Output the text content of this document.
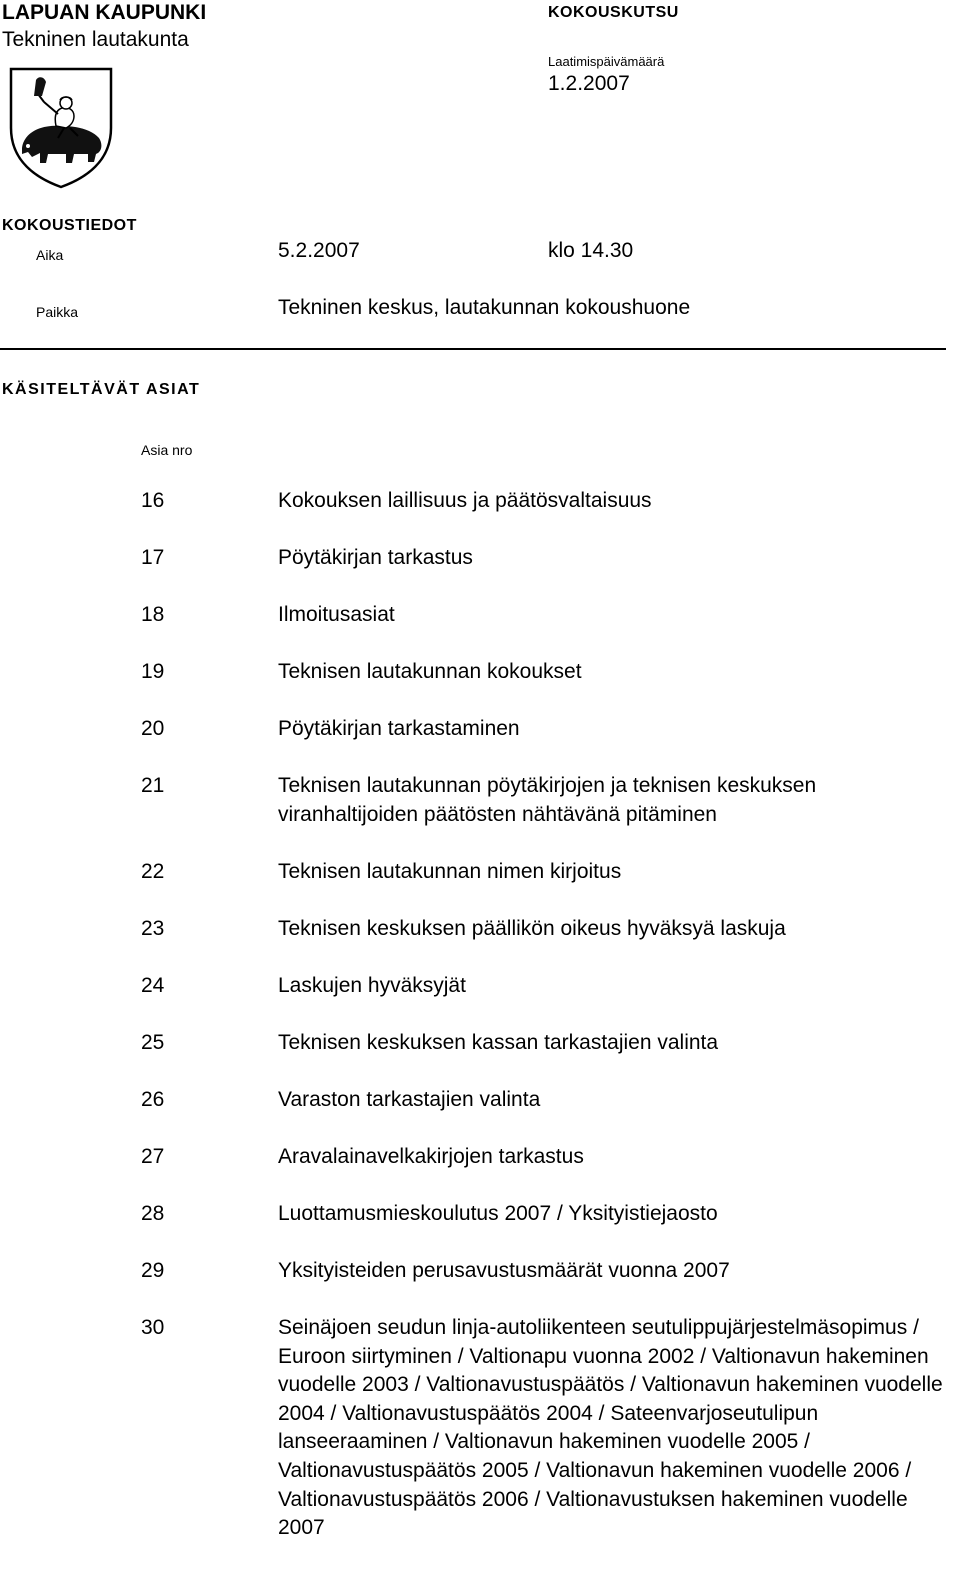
LAPUAN KAUPUNKI
Tekninen lautakunta
KOKOUSKUTSU
Laatimispäivämäärä
1.2.2007
KOKOUSTIEDOT
Aika	5.2.2007	klo 14.30
Paikka	Tekninen keskus, lautakunnan kokoushuone
KÄSITELTÄVÄT ASIAT
Asia nro
16	Kokouksen laillisuus ja päätösvaltaisuus
17	Pöytäkirjan tarkastus
18	Ilmoitusasiat
19	Teknisen lautakunnan kokoukset
20	Pöytäkirjan tarkastaminen
21	Teknisen lautakunnan pöytäkirjojen ja teknisen keskuksen viranhaltijoiden päätösten nähtävänä pitäminen
22	Teknisen lautakunnan nimen kirjoitus
23	Teknisen keskuksen päällikön oikeus hyväksyä laskuja
24	Laskujen hyväksyjät
25	Teknisen keskuksen kassan tarkastajien valinta
26	Varaston tarkastajien valinta
27	Aravalainavelkakirjojen tarkastus
28	Luottamusmieskoulutus 2007 / Yksityistiejaosto
29	Yksityisteiden perusavustusmäärät vuonna 2007
30	Seinäjoen seudun linja-autoliikenteen seutulippujärjestelmäsopimus / Euroon siirtyminen / Valtionapu vuonna 2002 / Valtionavun hakeminen vuodelle 2003 / Valtionavustuspäätös / Valtionavun hakeminen vuodelle 2004 / Valtionavustuspäätös 2004 / Sateenvarjoseutulipun lanseeraaminen / Valtionavun hakeminen vuodelle 2005 / Valtionavustuspäätös 2005 / Valtionavun hakeminen vuodelle 2006 / Valtionavustuspäätös 2006 / Valtionavustuksen hakeminen vuodelle 2007
